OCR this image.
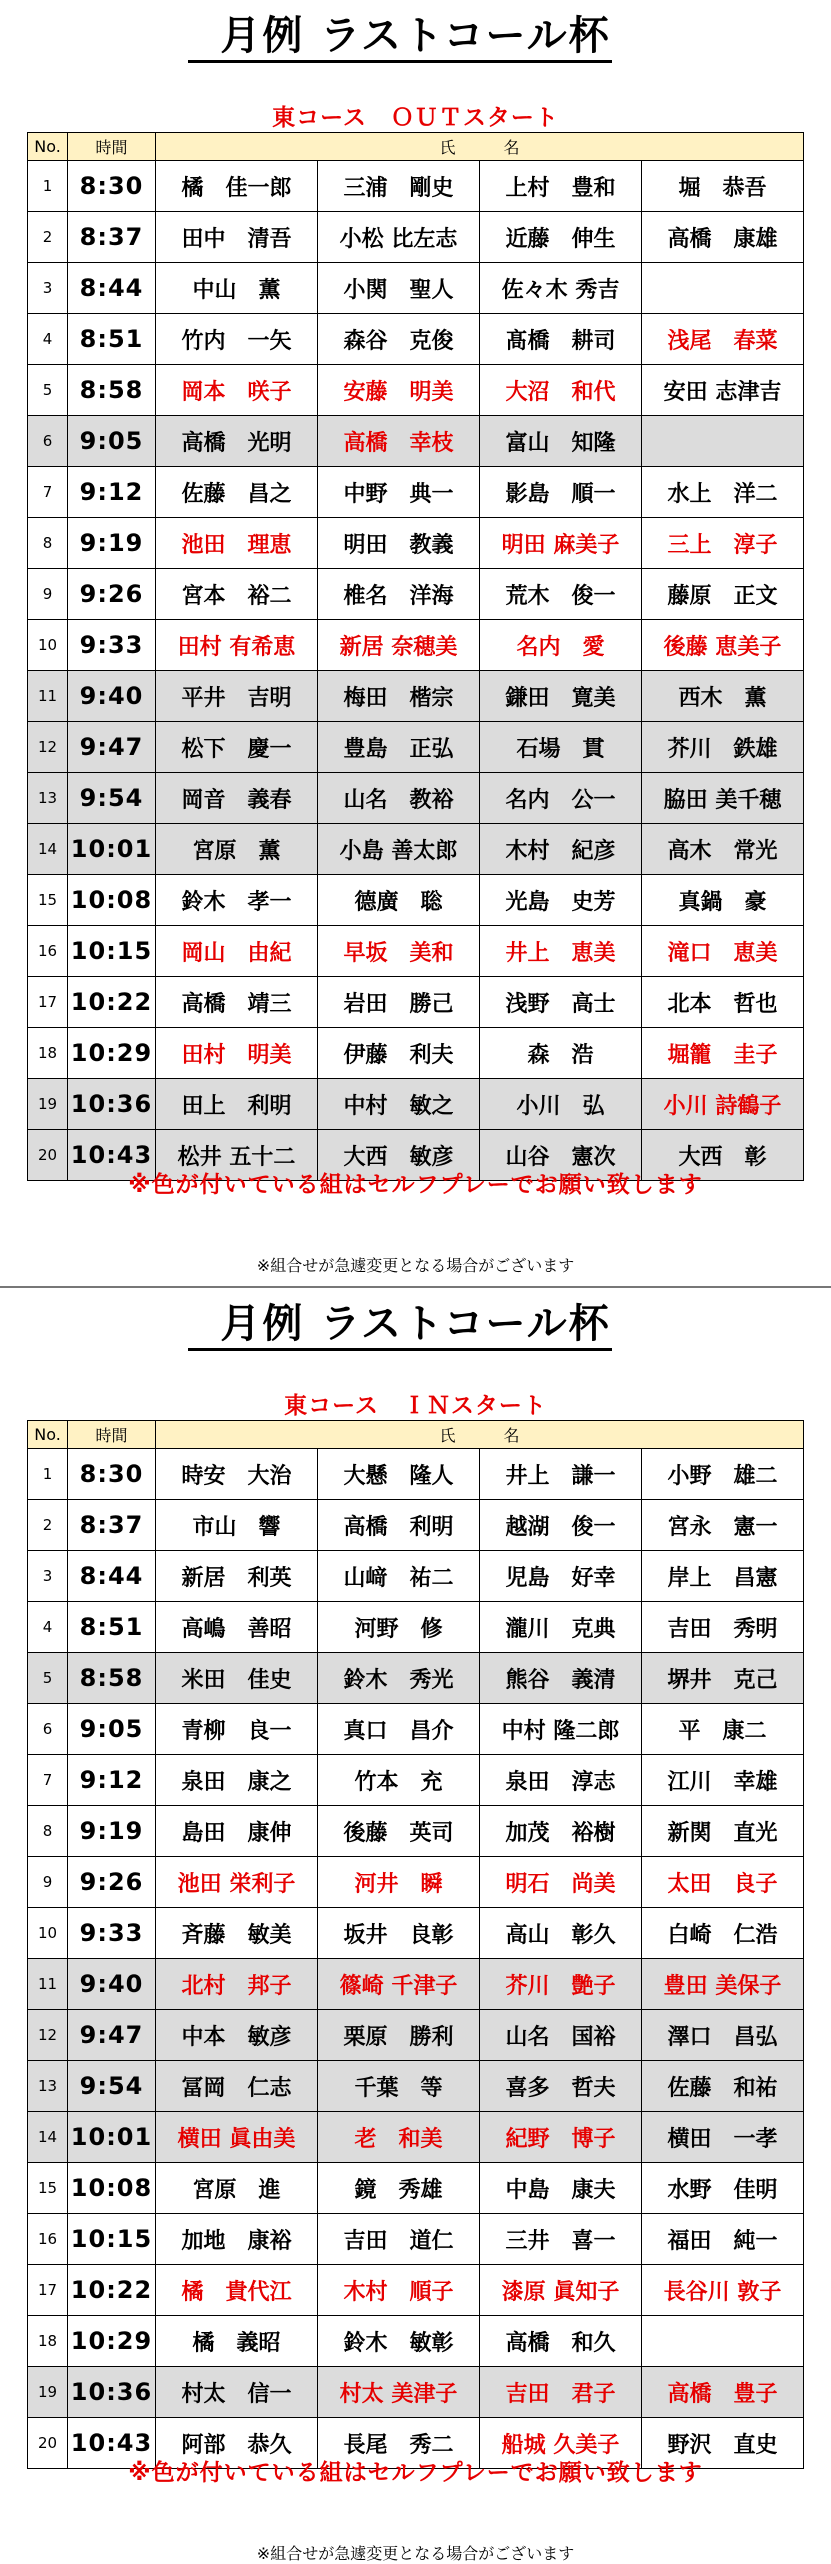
月例 ラストコール杯
東コース　ＯＵＴスタート
No.	時間	氏　　　名			
1	8:30	橘　佳一郎	三浦　剛史	上村　豊和	堀　恭吾
2	8:37	田中　清吾	小松 比左志	近藤　伸生	高橋　康雄
3	8:44	中山　薫	小関　聖人	佐々木 秀吉	
4	8:51	竹内　一矢	森谷　克俊	髙橋　耕司	浅尾　春菜
5	8:58	岡本　咲子	安藤　明美	大沼　和代	安田 志津吉
6	9:05	高橋　光明	高橋　幸枝	富山　知隆	
7	9:12	佐藤　昌之	中野　典一	影島　順一	水上　洋二
8	9:19	池田　理恵	明田　教義	明田 麻美子	三上　淳子
9	9:26	宮本　裕二	椎名　洋海	荒木　俊一	藤原　正文
10	9:33	田村 有希恵	新居 奈穂美	名内　愛	後藤 恵美子
11	9:40	平井　吉明	梅田　楷宗	鎌田　寛美	西木　薫
12	9:47	松下　慶一	豊島　正弘	石場　貫	芥川　鉄雄
13	9:54	岡音　義春	山名　教裕	名内　公一	脇田 美千穂
14	10:01	宮原　薫	小島 善太郎	木村　紀彦	高木　常光
15	10:08	鈴木　孝一	德廣　聡	光島　史芳	真鍋　豪
16	10:15	岡山　由紀	早坂　美和	井上　恵美	滝口　恵美
17	10:22	高橋　靖三	岩田　勝己	浅野　高士	北本　哲也
18	10:29	田村　明美	伊藤　利夫	森　浩	堀籠　圭子
19	10:36	田上　利明	中村　敏之	小川　弘	小川 詩鶴子
20	10:43	松井 五十二	大西　敏彦	山谷　憲次	大西　彰
※色が付いている組はセルフプレーでお願い致します
※組合せが急遽変更となる場合がございます
月例 ラストコール杯
東コース　ＩＮスタート
No.	時間	氏　　　名			
1	8:30	時安　大治	大懸　隆人	井上　謙一	小野　雄二
2	8:37	市山　響	高橋　利明	越湖　俊一	宮永　憲一
3	8:44	新居　利英	山﨑　祐二	児島　好幸	岸上　昌憲
4	8:51	高嶋　善昭	河野　修	瀧川　克典	吉田　秀明
5	8:58	米田　佳史	鈴木　秀光	熊谷　義清	堺井　克己
6	9:05	青柳　良一	真口　昌介	中村 隆二郎	平　康二
7	9:12	泉田　康之	竹本　充	泉田　淳志	江川　幸雄
8	9:19	島田　康伸	後藤　英司	加茂　裕樹	新関　直光
9	9:26	池田 栄利子	河井　瞬	明石　尚美	太田　良子
10	9:33	斉藤　敏美	坂井　良彰	高山　彰久	白崎　仁浩
11	9:40	北村　邦子	篠崎 千津子	芥川　艶子	豊田 美保子
12	9:47	中本　敏彦	栗原　勝利	山名　国裕	澤口　昌弘
13	9:54	冨岡　仁志	千葉　等	喜多　哲夫	佐藤　和祐
14	10:01	横田 眞由美	老　和美	紀野　博子	横田　一孝
15	10:08	宮原　進	鏡　秀雄	中島　康夫	水野　佳明
16	10:15	加地　康裕	吉田　道仁	三井　喜一	福田　純一
17	10:22	橘　貴代江	木村　順子	漆原 眞知子	長谷川 敦子
18	10:29	橘　義昭	鈴木　敏彰	高橋　和久	
19	10:36	村太　信一	村太 美津子	吉田　君子	高橋　豊子
20	10:43	阿部　恭久	長尾　秀二	船城 久美子	野沢　直史
※色が付いている組はセルフプレーでお願い致します
※組合せが急遽変更となる場合がございます
